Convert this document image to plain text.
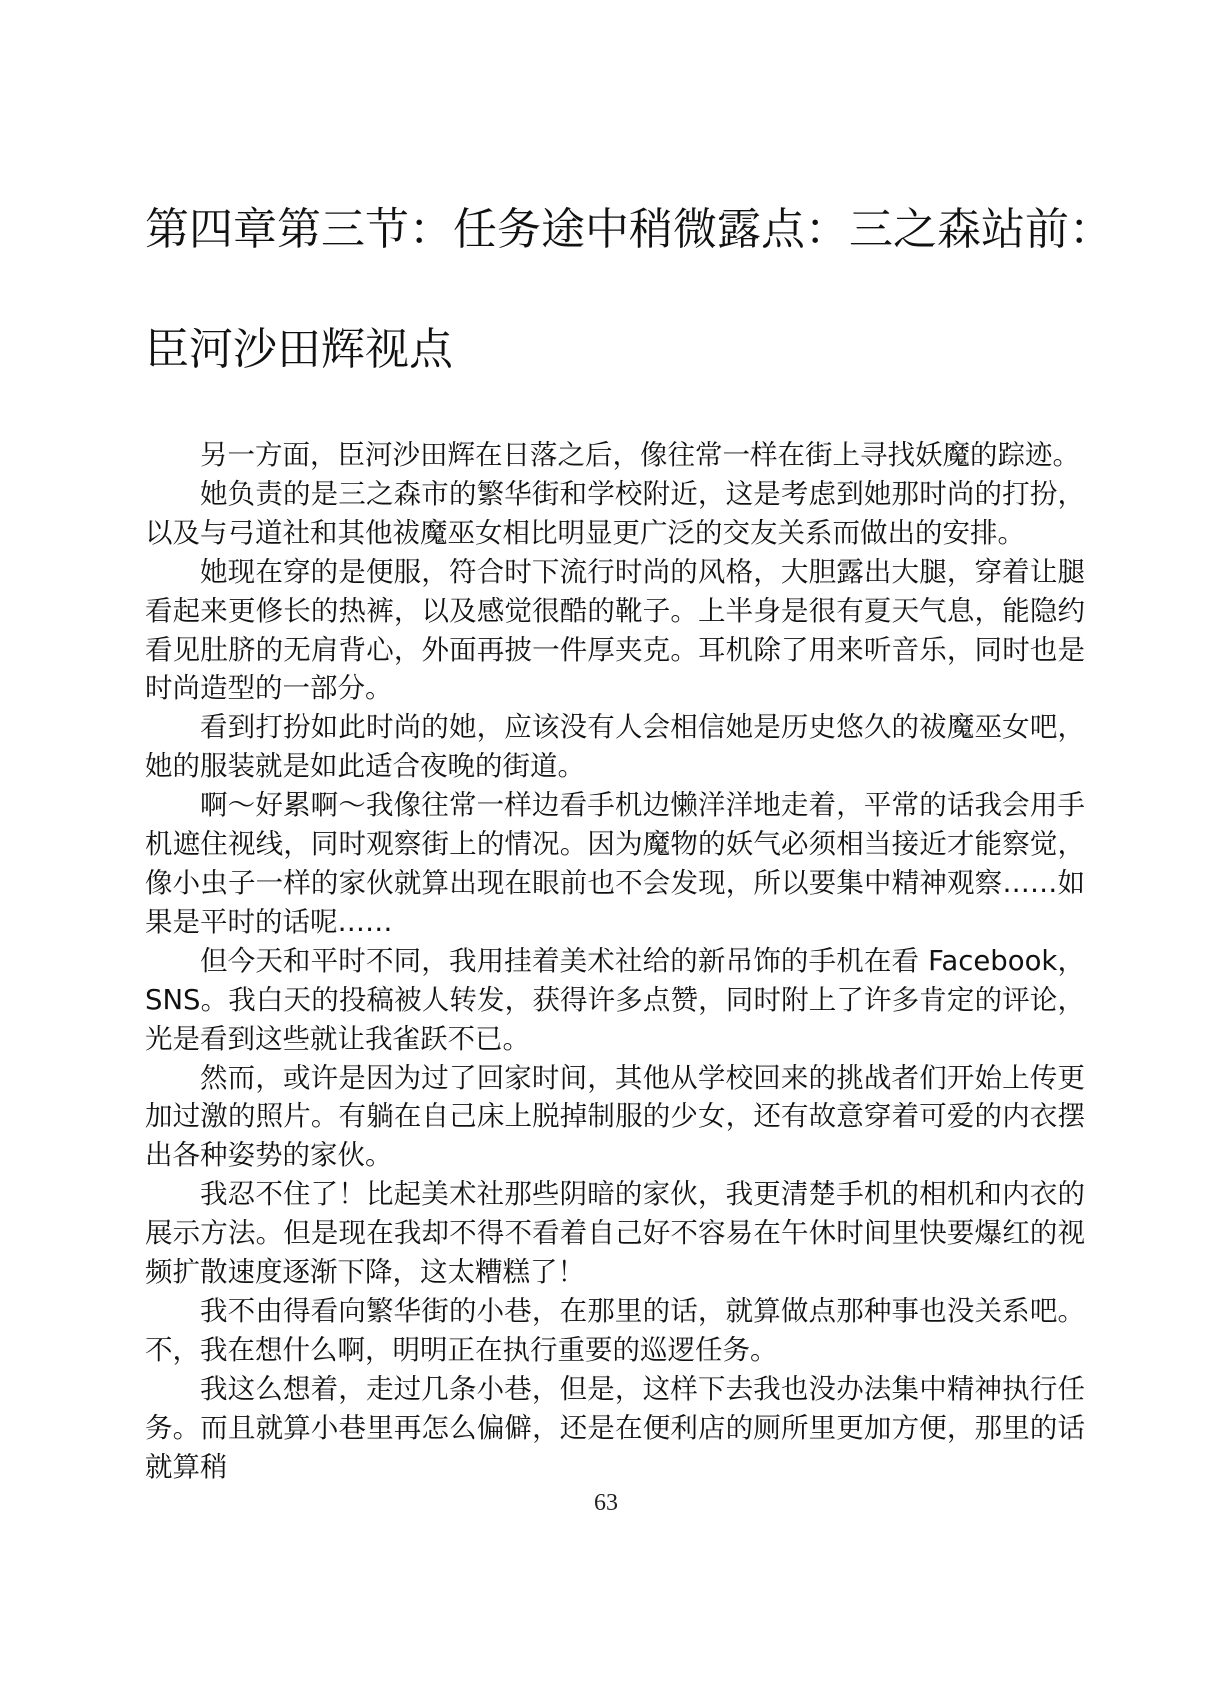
第四章第三节：任务途中稍微露点：三之森站前：
臣河沙田辉视点

另一方面，臣河沙田辉在日落之后，像往常一样在街上寻找妖魔的踪迹。

她负责的是三之森市的繁华街和学校附近，这是考虑到她那时尚的打扮，以及与弓道社和其他祓魔巫女相比明显更广泛的交友关系而做出的安排。

她现在穿的是便服，符合时下流行时尚的风格，大胆露出大腿，穿着让腿看起来更修长的热裤，以及感觉很酷的靴子。上半身是很有夏天气息，能隐约看见肚脐的无肩背心，外面再披一件厚夹克。耳机除了用来听音乐，同时也是时尚造型的一部分。

看到打扮如此时尚的她，应该没有人会相信她是历史悠久的祓魔巫女吧，她的服装就是如此适合夜晚的街道。

啊～好累啊～我像往常一样边看手机边懒洋洋地走着，平常的话我会用手机遮住视线，同时观察街上的情况。因为魔物的妖气必须相当接近才能察觉，像小虫子一样的家伙就算出现在眼前也不会发现，所以要集中精神观察……如果是平时的话呢……

但今天和平时不同，我用挂着美术社给的新吊饰的手机在看 Facebook，SNS。我白天的投稿被人转发，获得许多点赞，同时附上了许多肯定的评论，光是看到这些就让我雀跃不已。

然而，或许是因为过了回家时间，其他从学校回来的挑战者们开始上传更加过激的照片。有躺在自己床上脱掉制服的少女，还有故意穿着可爱的内衣摆出各种姿势的家伙。

我忍不住了！比起美术社那些阴暗的家伙，我更清楚手机的相机和内衣的展示方法。但是现在我却不得不看着自己好不容易在午休时间里快要爆红的视频扩散速度逐渐下降，这太糟糕了！

我不由得看向繁华街的小巷，在那里的话，就算做点那种事也没关系吧。不，我在想什么啊，明明正在执行重要的巡逻任务。

我这么想着，走过几条小巷，但是，这样下去我也没办法集中精神执行任务。而且就算小巷里再怎么偏僻，还是在便利店的厕所里更加方便，那里的话就算稍

63
